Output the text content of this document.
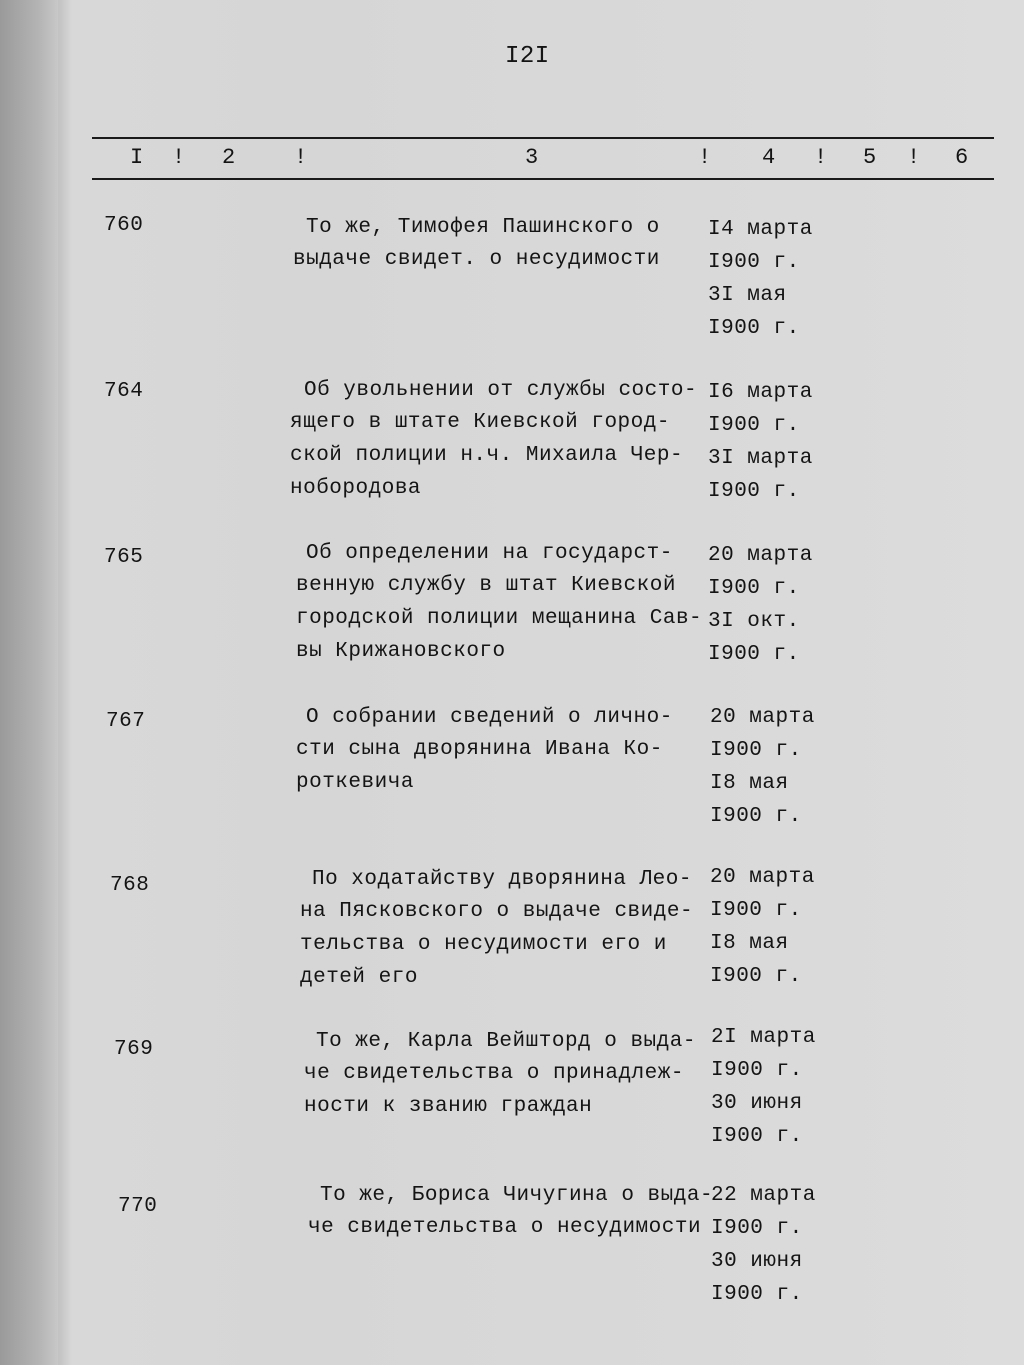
I2I
I ! 2	!	3	! 4 ! 5 ! 6
760	То же, Тимофея Пашинского о
выдаче свидет. о несудимости
I4 марта
I900 г.
3I мая
I900 г.
764	Об увольнении от службы состо-
ящего в штате Киевской город-
ской полиции н.ч. Михаила Чер-
нобородова
I6 марта
I900 г.
3I марта
I900 г.
765	Об определении на государст-
венную службу в штат Киевской
городской полиции мещанина Сав-
вы Крижановского
20 марта
I900 г.
3I окт.
I900 г.
767	О собрании сведений о лично-
сти сына дворянина Ивана Ко-
роткевича
20 марта
I900 г.
I8 мая
I900 г.
768	По ходатайству дворянина Лео-
на Пясковского о выдаче свиде-
тельства о несудимости его и
детей его
20 марта
I900 г.
I8 мая
I900 г.
769	То же, Карла Вейшторд о выда-
че свидетельства о принадлеж-
ности к званию граждан
2I марта
I900 г.
30 июня
I900 г.
770	То же, Бориса Чичугина о выда-
че свидетельства о несудимости
22 марта
I900 г.
30 июня
I900 г.
